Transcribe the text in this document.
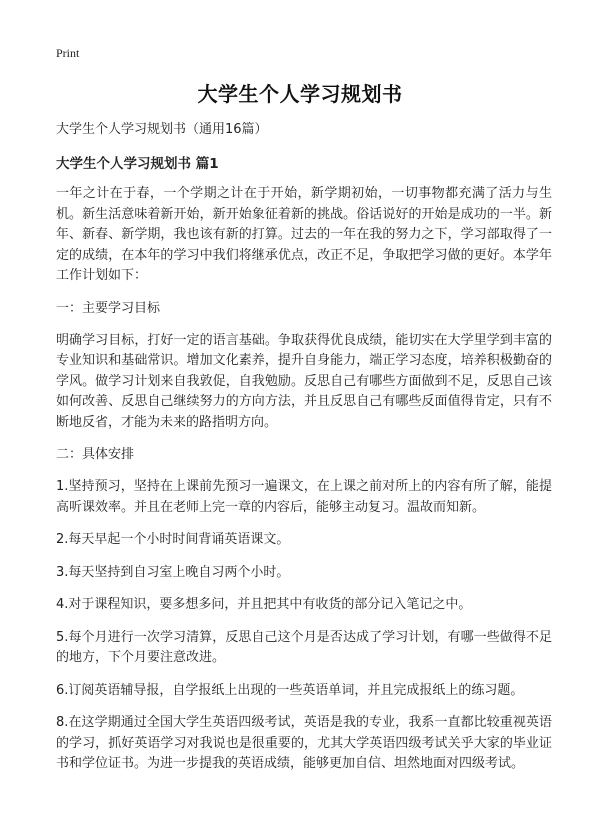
Print
大学生个人学习规划书

大学生个人学习规划书（通用16篇）

大学生个人学习规划书 篇1

一年之计在于春，一个学期之计在于开始，新学期初始，一切事物都充满了活力与生机。新生活意味着新开始，新开始象征着新的挑战。俗话说好的开始是成功的一半。新年、新春、新学期，我也该有新的打算。过去的一年在我的努力之下，学习部取得了一定的成绩，在本年的学习中我们将继承优点，改正不足，争取把学习做的更好。本学年工作计划如下：

一：主要学习目标

明确学习目标，打好一定的语言基础。争取获得优良成绩，能切实在大学里学到丰富的专业知识和基础常识。增加文化素养，提升自身能力，端正学习态度，培养积极勤奋的学风。做学习计划来自我敦促，自我勉励。反思自己有哪些方面做到不足，反思自己该如何改善、反思自己继续努力的方向方法，并且反思自己有哪些反面值得肯定，只有不断地反省，才能为未来的路指明方向。

二：具体安排

1.坚持预习，坚持在上课前先预习一遍课文，在上课之前对所上的内容有所了解，能提高听课效率。并且在老师上完一章的内容后，能够主动复习。温故而知新。

2.每天早起一个小时时间背诵英语课文。

3.每天坚持到自习室上晚自习两个小时。

4.对于课程知识，要多想多问，并且把其中有收货的部分记入笔记之中。

5.每个月进行一次学习清算，反思自己这个月是否达成了学习计划，有哪一些做得不足的地方，下个月要注意改进。

6.订阅英语辅导报，自学报纸上出现的一些英语单词，并且完成报纸上的练习题。

8.在这学期通过全国大学生英语四级考试，英语是我的专业，我系一直都比较重视英语的学习，抓好英语学习对我说也是很重要的，尤其大学英语四级考试关乎大家的毕业证书和学位证书。为进一步提我的英语成绩，能够更加自信、坦然地面对四级考试。
